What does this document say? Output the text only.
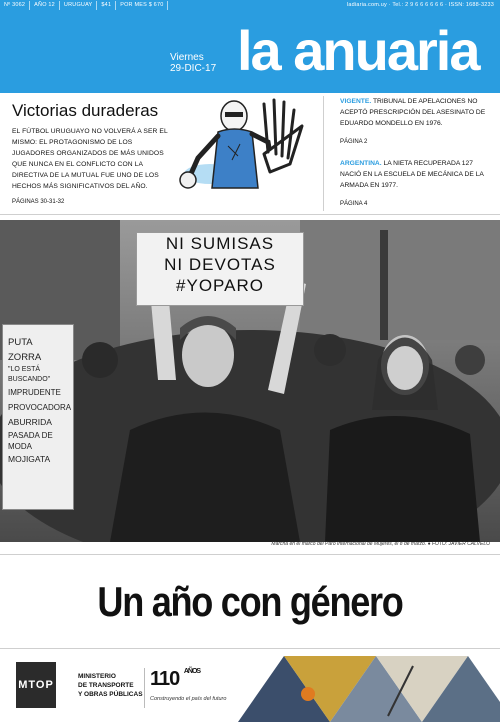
Nº 3062	AÑO 12	URUGUAY	$41	POR MES $ 670	ladiaria.com.uy · Tel.: 2 9 6 6 6 6 6 6 · ISSN: 1688-3233
Viernes
29-DIC-17 la anuaria
Victorias duraderas
EL FÚTBOL URUGUAYO NO VOLVERÁ A SER EL MISMO: EL PROTAGONISMO DE LOS JUGADORES ORGANIZADOS DE MÁS UNIDOS QUE NUNCA EN EL CONFLICTO CON LA DIRECTIVA DE LA MUTUAL FUE UNO DE LOS HECHOS MÁS SIGNIFICATIVOS DEL AÑO.
PÁGINAS 30-31-32
VIGENTE. TRIBUNAL DE APELACIONES NO ACEPTÓ PRESCRIPCIÓN DEL ASESINATO DE EDUARDO MONDELLO EN 1976.
PÁGINA 2
ARGENTINA. LA NIETA RECUPERADA 127 NACIÓ EN LA ESCUELA DE MECÁNICA DE LA ARMADA EN 1977.
PÁGINA 4
NI SUMISAS
NI DEVOTAS
#YOPARO
PUTA
ZORRA
"LO ESTÁ
BUSCANDO"
IMPRUDENTE
PROVOCADORA
ABURRIDA
PASADA DE
MODA
MOJIGATA
Marcha en el marco del Paro Internacional de Mujeres, el 8 de marzo. ● FOTO: JAVIER CALVELO
Un año con género
MTOP
MINISTERIO
DE TRANSPORTE
Y OBRAS PÚBLICAS
110 $^{AÑOS}$
Construyendo el país del futuro
